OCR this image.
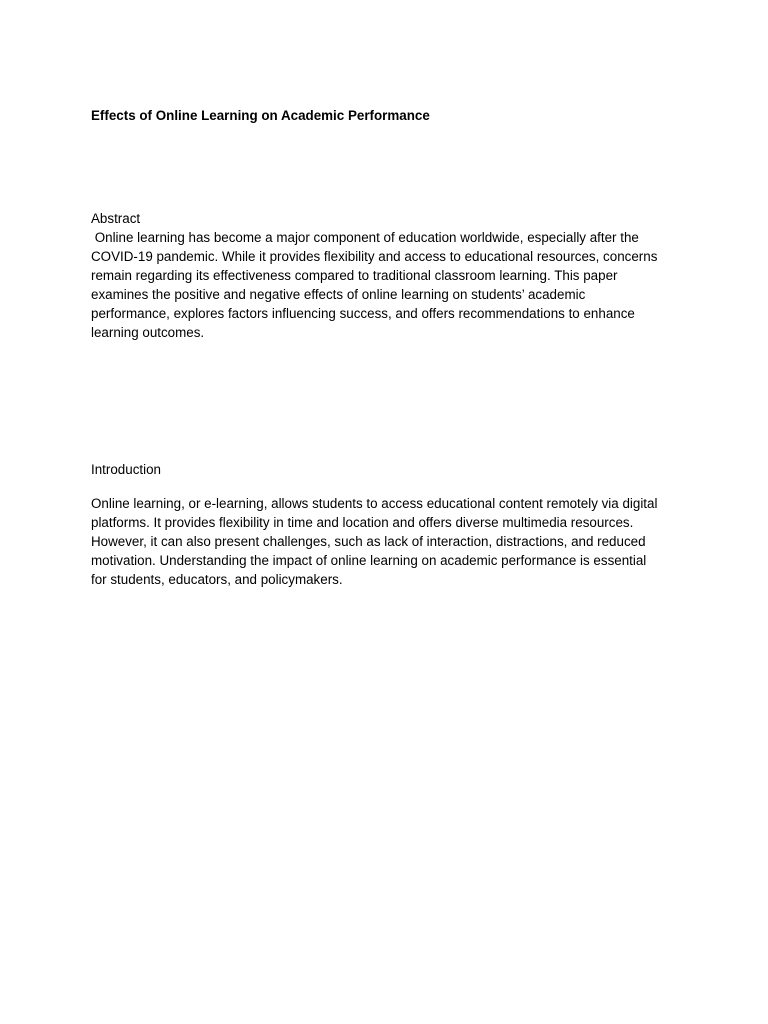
Effects of Online Learning on Academic Performance
Abstract
Online learning has become a major component of education worldwide, especially after the
COVID-19 pandemic. While it provides flexibility and access to educational resources, concerns
remain regarding its effectiveness compared to traditional classroom learning. This paper
examines the positive and negative effects of online learning on students’ academic
performance, explores factors influencing success, and offers recommendations to enhance
learning outcomes.
Introduction
Online learning, or e-learning, allows students to access educational content remotely via digital
platforms. It provides flexibility in time and location and offers diverse multimedia resources.
However, it can also present challenges, such as lack of interaction, distractions, and reduced
motivation. Understanding the impact of online learning on academic performance is essential
for students, educators, and policymakers.
